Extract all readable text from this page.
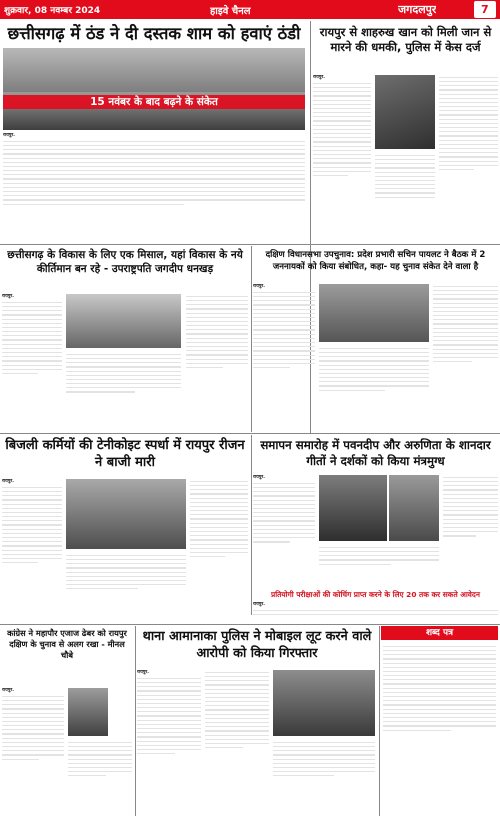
शुक्रवार, 08 नवम्बर 2024	हाइवे चैनल	जगदलपुर	7
छत्तीसगढ़ में ठंड ने दी दस्तक शाम को हवाएं ठंडी
15 नवंबर के बाद बढ़ने के संकेत
रायपुर.
रायपुर से शाहरुख खान को मिली जान से मारने की धमकी, पुलिस में केस दर्ज
रायपुर.
छत्तीसगढ़ के विकास के लिए एक मिसाल, यहां विकास के नये कीर्तिमान बन रहे - उपराष्ट्रपति जगदीप धनखड़
रायपुर.
दक्षिण विधानसभा उपचुनाव: प्रदेश प्रभारी सचिन पायलट ने बैठक में 2 जननायकों को किया संबोधित, कहा- यह चुनाव संकेत देने वाला है
रायपुर.
बिजली कर्मियों की टेनीकोइट स्पर्धा में रायपुर रीजन ने बाजी मारी
रायपुर.
समापन समारोह में पवनदीप और अरुणिता के शानदार गीतों ने दर्शकों को किया मंत्रमुग्ध
रायपुर.
प्रतियोगी परीक्षाओं की कोचिंग प्राप्त करने के लिए 20 तक कर सकते आवेदन
रायपुर.
कांग्रेस ने महापौर एजाज ढेबर को रायपुर दक्षिण के चुनाव से अलग रखा - मीनल चौबे
रायपुर.
थाना आमानाका पुलिस ने मोबाइल लूट करने वाले आरोपी को किया गिरफ्तार
रायपुर.
शब्द पत्र
